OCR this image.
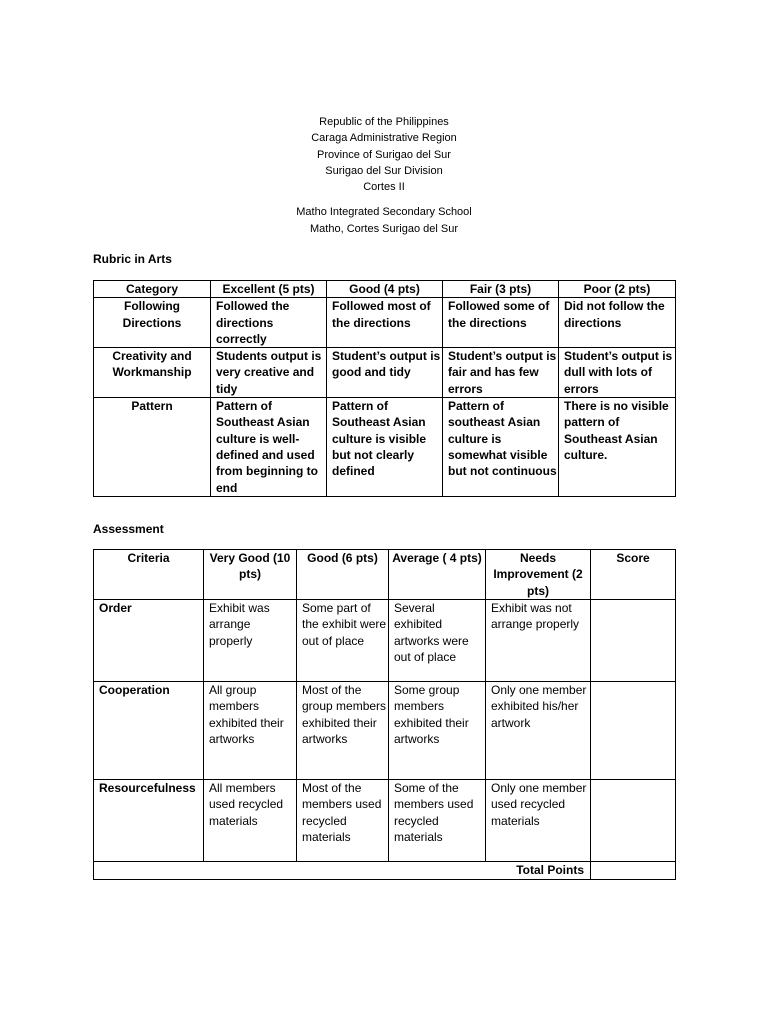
Republic of the Philippines
Caraga Administrative Region
Province of Surigao del Sur
Surigao del Sur Division
Cortes II
Matho Integrated Secondary School
Matho, Cortes Surigao del Sur
Rubric in Arts
Category	Excellent (5 pts)	Good (4 pts)	Fair (3 pts)	Poor (2 pts)
Following Directions	Followed the directions correctly	Followed most of the directions	Followed some of the directions	Did not follow the directions
Creativity and Workmanship	Students output is very creative and tidy	Student’s output is good and tidy	Student’s output is fair and has few errors	Student’s output is dull with lots of errors
Pattern	Pattern of Southeast Asian culture is well-defined and used from beginning to end	Pattern of Southeast Asian culture is visible but not clearly defined	Pattern of southeast Asian culture is somewhat visible but not continuous	There is no visible pattern of Southeast Asian culture.
Assessment
Criteria	Very Good (10 pts)	Good (6 pts)	Average ( 4 pts)	Needs Improvement (2 pts)	Score
Order	Exhibit was arrange properly	Some part of the exhibit were out of place	Several exhibited artworks were out of place	Exhibit was not arrange properly	
Cooperation	All group members exhibited their artworks	Most of the group members exhibited their artworks	Some group members exhibited their artworks	Only one member exhibited his/her artwork	
Resourcefulness	All members used recycled materials	Most of the members used recycled materials	Some of the members used recycled materials	Only one member used recycled materials	
Total Points					
